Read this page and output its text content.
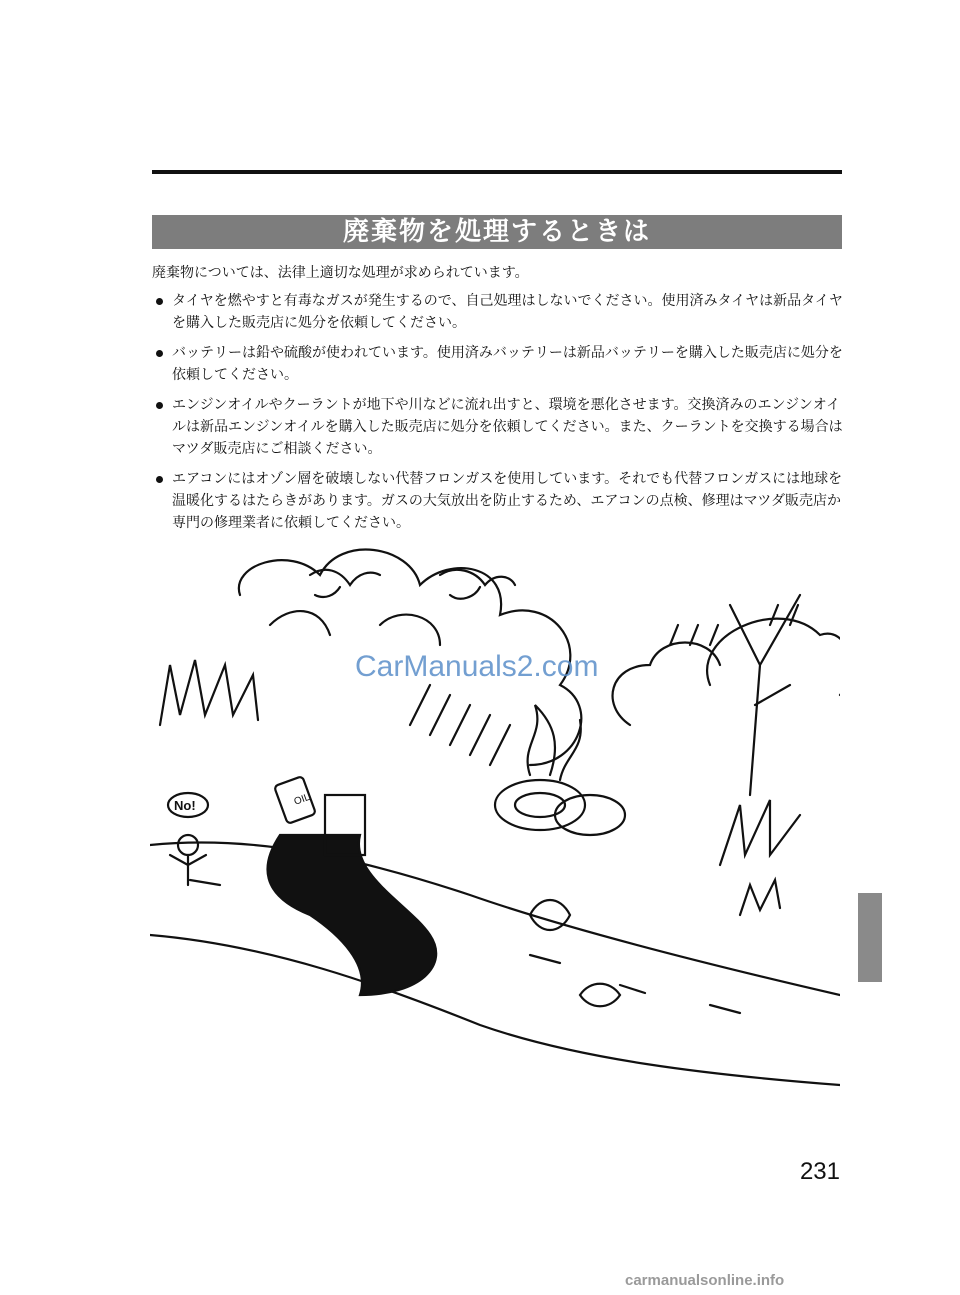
廃棄物を処理するときは
廃棄物については、法律上適切な処理が求められています。
タイヤを燃やすと有毒なガスが発生するので、自己処理はしないでください。使用済みタイヤは新品タイヤを購入した販売店に処分を依頼してください。
バッテリーは鉛や硫酸が使われています。使用済みバッテリーは新品バッテリーを購入した販売店に処分を依頼してください。
エンジンオイルやクーラントが地下や川などに流れ出すと、環境を悪化させます。交換済みのエンジンオイルは新品エンジンオイルを購入した販売店に処分を依頼してください。また、クーラントを交換する場合はマツダ販売店にご相談ください。
エアコンにはオゾン層を破壊しない代替フロンガスを使用しています。それでも代替フロンガスには地球を温暖化するはたらきがあります。ガスの大気放出を防止するため、エアコンの点検、修理はマツダ販売店か専門の修理業者に依頼してください。
No!	OIL
CarManuals2.com
231
carmanualsonline.info
